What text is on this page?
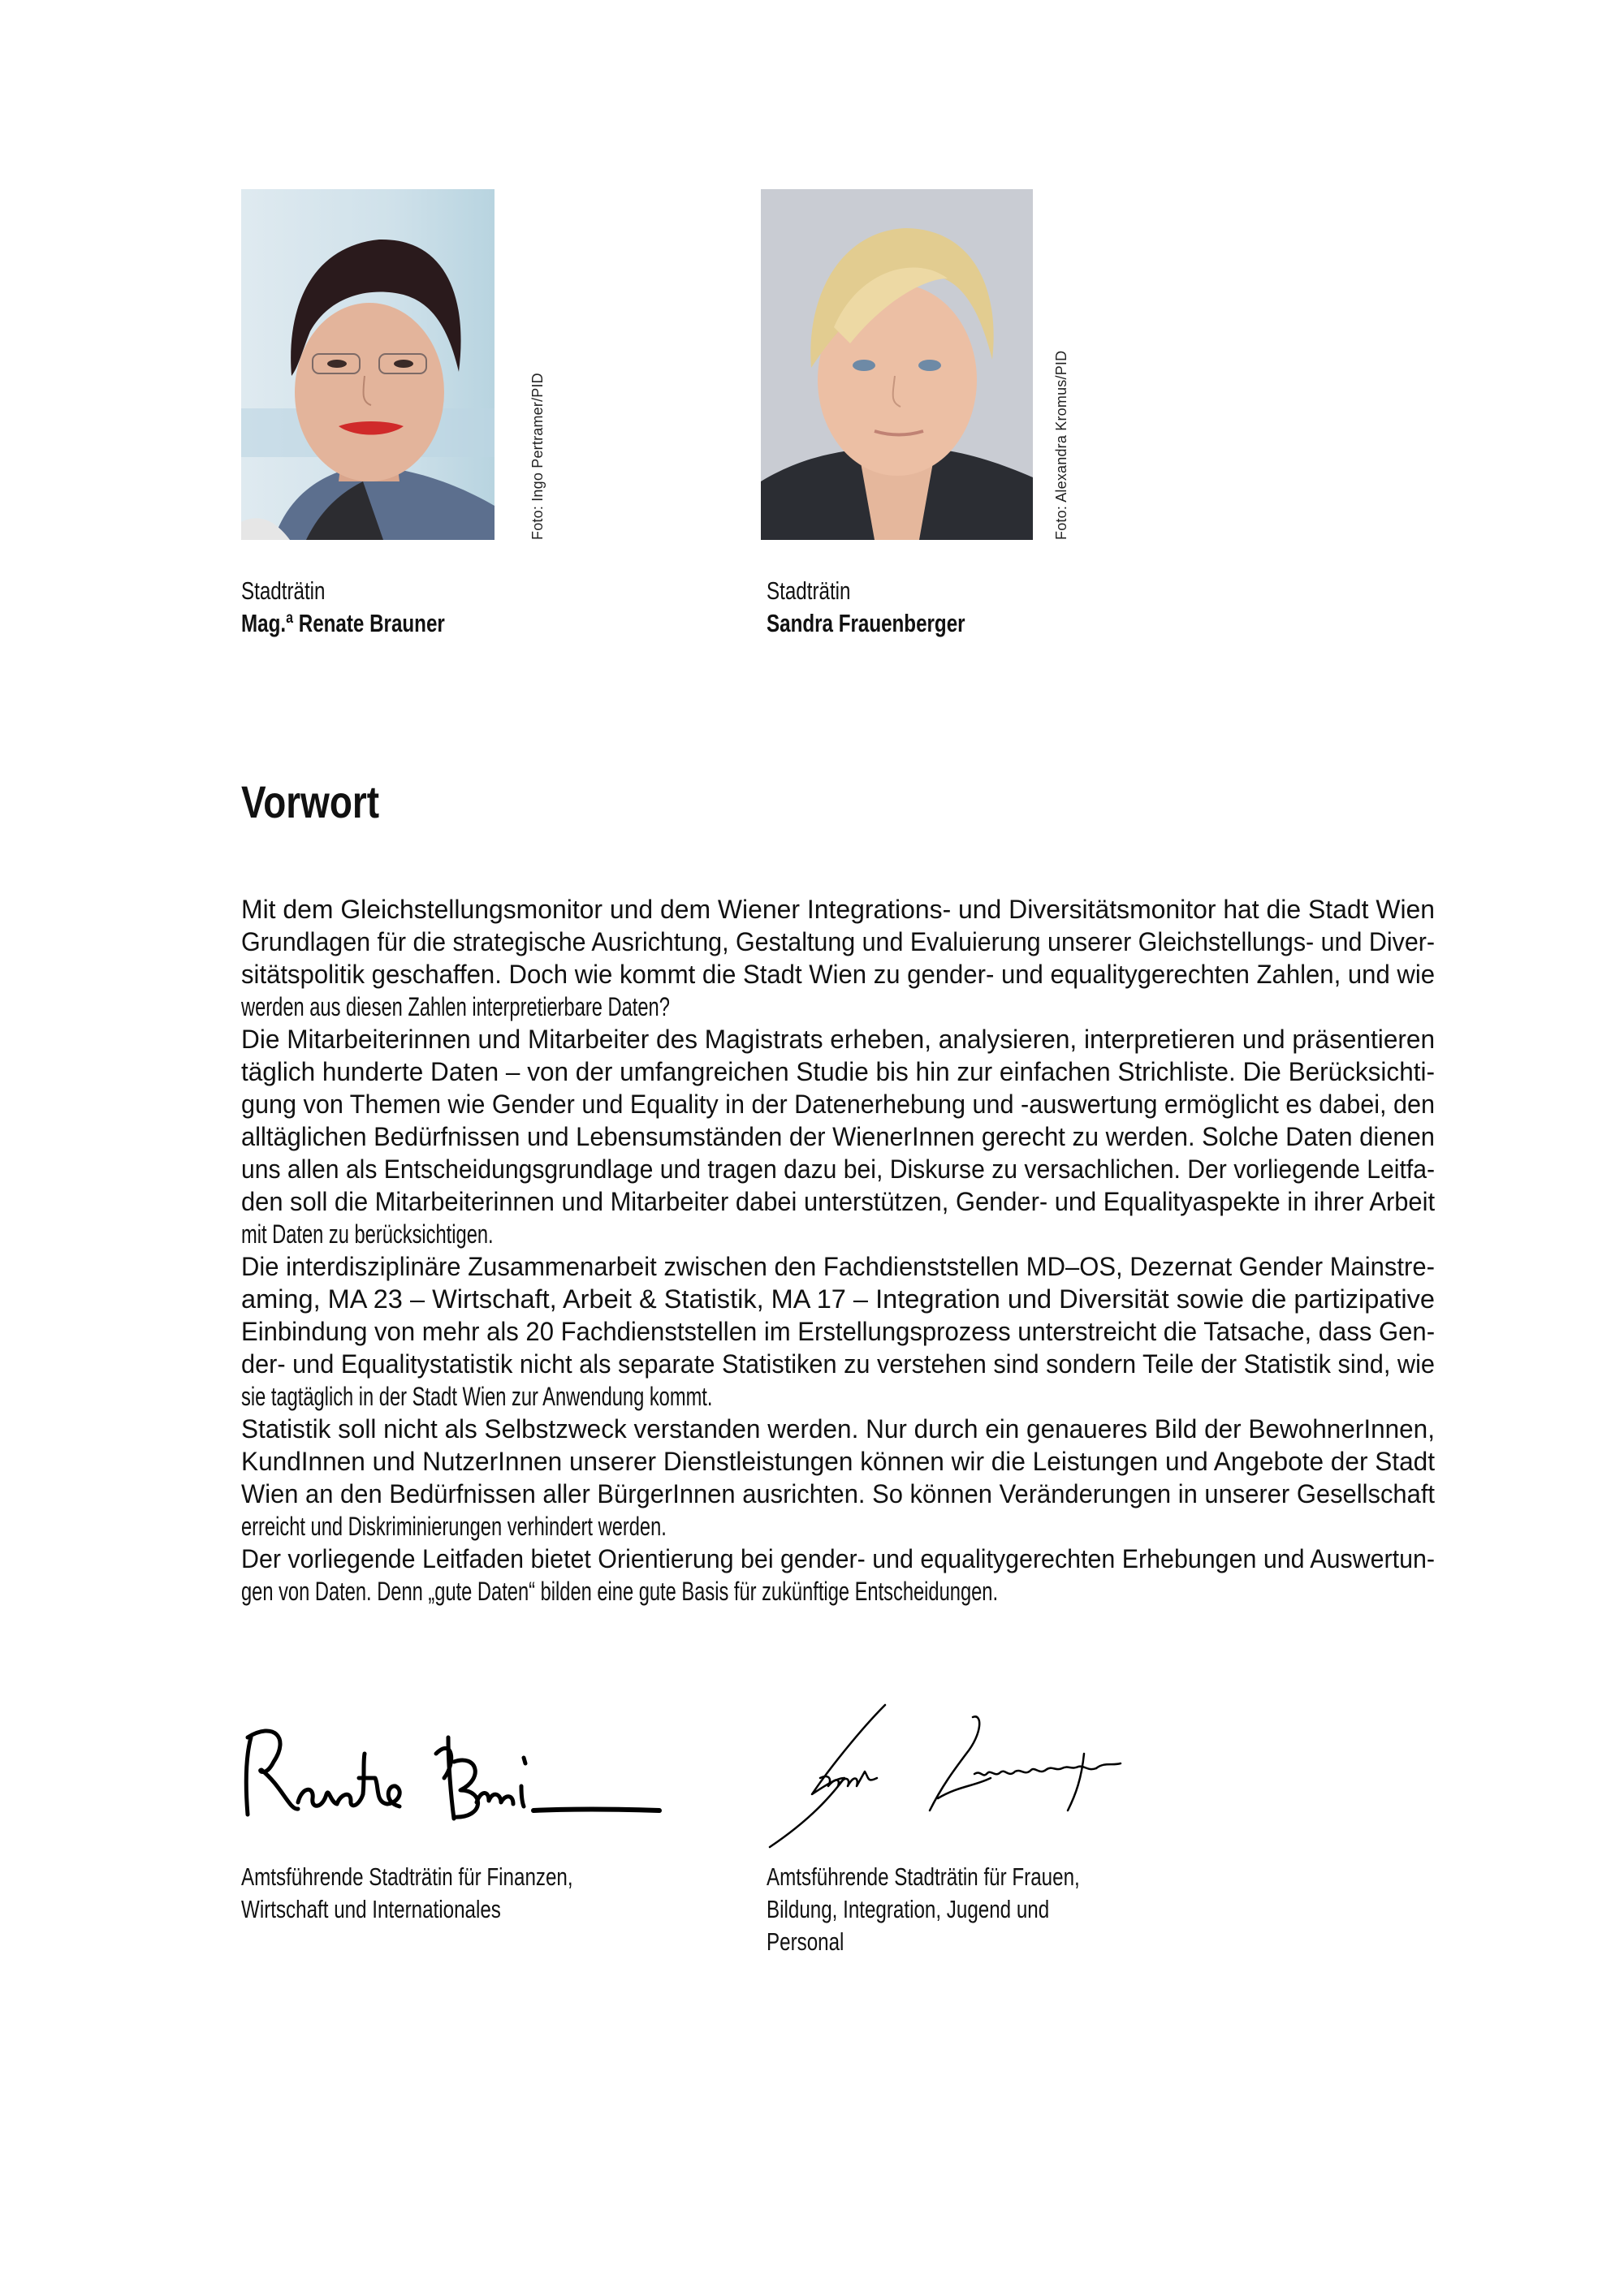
Foto: Ingo Pertramer/PID	Foto: Alexandra Kromus/PID
Stadträtin
Mag.ª Renate Brauner
Stadträtin
Sandra Frauenberger
Vorwort
Mit dem Gleichstellungsmonitor und dem Wiener Integrations- und Diversitätsmonitor hat die Stadt Wien
Grundlagen für die strategische Ausrichtung, Gestaltung und Evaluierung unserer Gleichstellungs- und Diver-
sitätspolitik geschaffen. Doch wie kommt die Stadt Wien zu gender- und equalitygerechten Zahlen, und wie
werden aus diesen Zahlen interpretierbare Daten?
Die Mitarbeiterinnen und Mitarbeiter des Magistrats erheben, analysieren, interpretieren und präsentieren
täglich hunderte Daten – von der umfangreichen Studie bis hin zur einfachen Strichliste. Die Berücksichti-
gung von Themen wie Gender und Equality in der Datenerhebung und -auswertung ermöglicht es dabei, den
alltäglichen Bedürfnissen und Lebensumständen der WienerInnen gerecht zu werden. Solche Daten dienen
uns allen als Entscheidungsgrundlage und tragen dazu bei, Diskurse zu versachlichen. Der vorliegende Leitfa-
den soll die Mitarbeiterinnen und Mitarbeiter dabei unterstützen, Gender- und Equalityaspekte in ihrer Arbeit
mit Daten zu berücksichtigen.
Die interdisziplinäre Zusammenarbeit zwischen den Fachdienststellen MD–OS, Dezernat Gender Mainstre-
aming, MA 23 – Wirtschaft, Arbeit & Statistik, MA 17 – Integration und Diversität sowie die partizipative
Einbindung von mehr als 20 Fachdienststellen im Erstellungsprozess unterstreicht die Tatsache, dass Gen-
der- und Equalitystatistik nicht als separate Statistiken zu verstehen sind sondern Teile der Statistik sind, wie
sie tagtäglich in der Stadt Wien zur Anwendung kommt.
Statistik soll nicht als Selbstzweck verstanden werden. Nur durch ein genaueres Bild der BewohnerInnen,
KundInnen und NutzerInnen unserer Dienstleistungen können wir die Leistungen und Angebote der Stadt
Wien an den Bedürfnissen aller BürgerInnen ausrichten. So können Veränderungen in unserer Gesellschaft
erreicht und Diskriminierungen verhindert werden.
Der vorliegende Leitfaden bietet Orientierung bei gender- und equalitygerechten Erhebungen und Auswertun-
gen von Daten. Denn „gute Daten“ bilden eine gute Basis für zukünftige Entscheidungen.
Amtsführende Stadträtin für Finanzen,
Wirtschaft und Internationales
Amtsführende Stadträtin für Frauen,
Bildung, Integration, Jugend und
Personal
